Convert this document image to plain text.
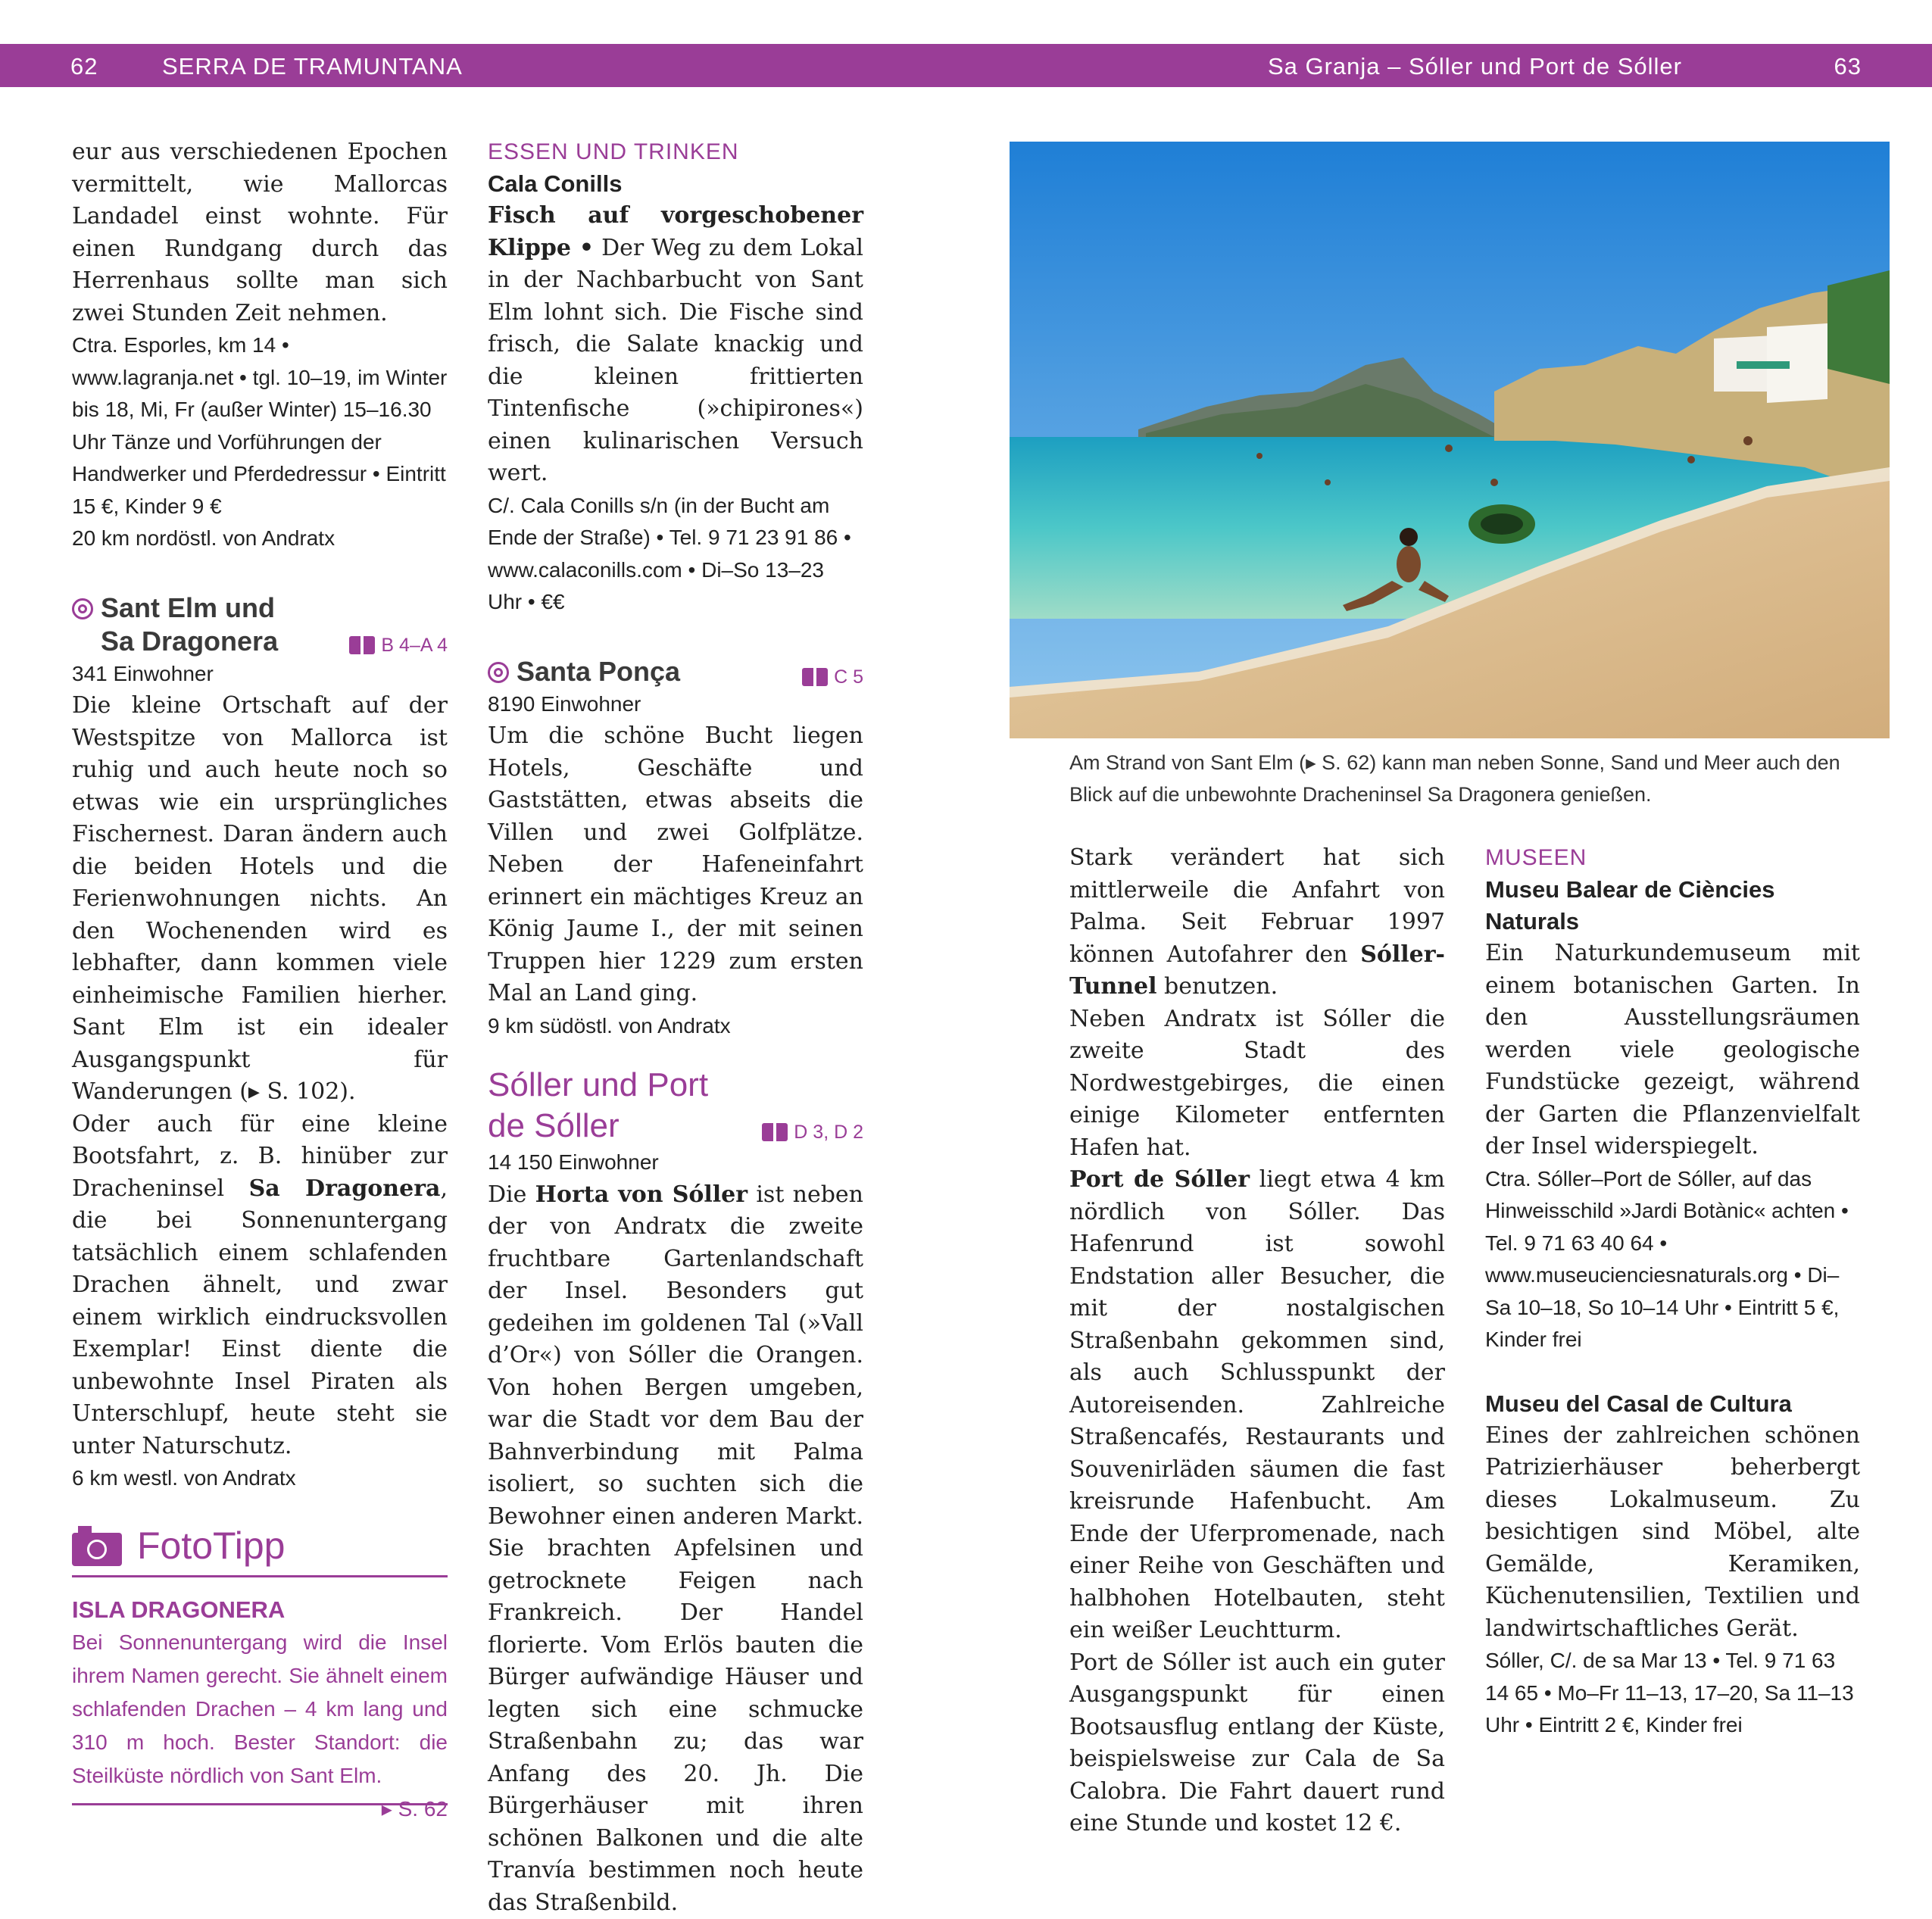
62	SERRA DE TRAMUNTANA	Sa Granja – Sóller und Port de Sóller	63

eur aus verschiedenen Epochen vermittelt, wie Mallorcas Landadel einst wohnte. Für einen Rundgang durch das Herrenhaus sollte man sich zwei Stunden Zeit nehmen.

Ctra. Esporles, km 14 • www.lagranja.net • tgl. 10–19, im Winter bis 18, Mi, Fr (außer Winter) 15–16.30 Uhr Tänze und Vorführungen der Handwerker und Pferdedressur • Eintritt 15 €, Kinder 9 €
20 km nordöstl. von Andratx
Sant Elm und
Sa Dragonera	B 4–A 4
341 Einwohner

Die kleine Ortschaft auf der Westspitze von Mallorca ist ruhig und auch heute noch so etwas wie ein ursprüngliches Fischernest. Daran ändern auch die beiden Hotels und die Ferienwohnungen nichts. An den Wochenenden wird es lebhafter, dann kommen viele einheimische Familien hierher. Sant Elm ist ein idealer Ausgangspunkt für Wanderungen (▸ S. 102).

Oder auch für eine kleine Bootsfahrt, z. B. hinüber zur Dracheninsel Sa Dragonera, die bei Sonnenuntergang tatsächlich einem schlafenden Drachen ähnelt, und zwar einem wirklich eindrucksvollen Exemplar! Einst diente die unbewohnte Insel Piraten als Unterschlupf, heute steht sie unter Naturschutz.

6 km westl. von Andratx
FotoTipp
ISLA DRAGONERA
Bei Sonnenuntergang wird die Insel ihrem Namen gerecht. Sie ähnelt einem schlafenden Drachen – 4 km lang und 310 m hoch. Bester Standort: die Steilküste nördlich von Sant Elm.
▸ S. 62
ESSEN UND TRINKEN
Cala Conills

Fisch auf vorgeschobener Klippe • Der Weg zu dem Lokal in der Nachbarbucht von Sant Elm lohnt sich. Die Fische sind frisch, die Salate knackig und die kleinen frittierten Tintenfische (»chipirones«) einen kulinarischen Versuch wert.

C/. Cala Conills s/n (in der Bucht am Ende der Straße) • Tel. 9 71 23 91 86 • www.calaconills.com • Di–So 13–23 Uhr • €€
Santa Ponça	C 5
8190 Einwohner

Um die schöne Bucht liegen Hotels, Geschäfte und Gaststätten, etwas abseits die Villen und zwei Golfplätze. Neben der Hafeneinfahrt erinnert ein mächtiges Kreuz an König Jaume I., der mit seinen Truppen hier 1229 zum ersten Mal an Land ging.

9 km südöstl. von Andratx
Sóller und Port
de Sóller	D 3, D 2
14 150 Einwohner

Die Horta von Sóller ist neben der von Andratx die zweite fruchtbare Gartenlandschaft der Insel. Besonders gut gedeihen im goldenen Tal (»Vall d’Or«) von Sóller die Orangen. Von hohen Bergen umgeben, war die Stadt vor dem Bau der Bahnverbindung mit Palma isoliert, so suchten sich die Bewohner einen anderen Markt. Sie brachten Apfelsinen und getrocknete Feigen nach Frankreich. Der Handel florierte. Vom Erlös bauten die Bürger aufwändige Häuser und legten sich eine schmucke Straßenbahn zu; das war Anfang des 20. Jh. Die Bürgerhäuser mit ihren schönen Balkonen und die alte Tranvía bestimmen noch heute das Straßenbild.

Am Strand von Sant Elm (▸ S. 62) kann man neben Sonne, Sand und Meer auch den Blick auf die unbewohnte Dracheninsel Sa Dragonera genießen.

Stark verändert hat sich mittlerweile die Anfahrt von Palma. Seit Februar 1997 können Autofahrer den Sóller-Tunnel benutzen.

Neben Andratx ist Sóller die zweite Stadt des Nordwestgebirges, die einen einige Kilometer entfernten Hafen hat.

Port de Sóller liegt etwa 4 km nördlich von Sóller. Das Hafenrund ist sowohl Endstation aller Besucher, die mit der nostalgischen Straßenbahn gekommen sind, als auch Schlusspunkt der Autoreisenden. Zahlreiche Straßencafés, Restaurants und Souvenirläden säumen die fast kreisrunde Hafenbucht. Am Ende der Uferpromenade, nach einer Reihe von Geschäften und halbhohen Hotelbauten, steht ein weißer Leuchtturm.

Port de Sóller ist auch ein guter Ausgangspunkt für einen Bootsausflug entlang der Küste, beispielsweise zur Cala de Sa Calobra. Die Fahrt dauert rund eine Stunde und kostet 12 €.

MUSEEN
Museu Balear de Ciències Naturals

Ein Naturkundemuseum mit einem botanischen Garten. In den Ausstellungsräumen werden viele geologische Fundstücke gezeigt, während der Garten die Pflanzenvielfalt der Insel widerspiegelt.

Ctra. Sóller–Port de Sóller, auf das Hinweisschild »Jardi Botànic« achten • Tel. 9 71 63 40 64 • www.museucienciesnaturals.org • Di–Sa 10–18, So 10–14 Uhr • Eintritt 5 €, Kinder frei
Museu del Casal de Cultura

Eines der zahlreichen schönen Patrizierhäuser beherbergt dieses Lokalmuseum. Zu besichtigen sind Möbel, alte Gemälde, Keramiken, Küchenutensilien, Textilien und landwirtschaftliches Gerät.

Sóller, C/. de sa Mar 13 • Tel. 9 71 63 14 65 • Mo–Fr 11–13, 17–20, Sa 11–13 Uhr • Eintritt 2 €, Kinder frei
